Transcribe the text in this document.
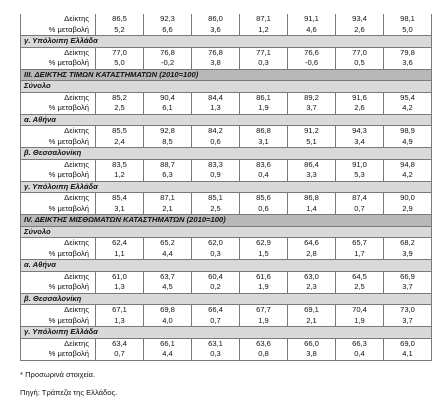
Δείκτης	86,5	92,3	86,0	87,1	91,1	93,4	98,1
% μεταβολή	5,2	6,6	3,6	1,2	4,6	2,6	5,0
γ. Υπόλοιπη Ελλάδα							
Δείκτης	77,0	76,8	76,8	77,1	76,6	77,0	79,8
% μεταβολή	5,0	-0,2	3,8	0,3	-0,6	0,5	3,6
III. ΔΕΙΚΤΗΣ ΤΙΜΩΝ ΚΑΤΑΣΤΗΜΑΤΩΝ (2010=100)							
Σύνολο							
Δείκτης	85,2	90,4	84,4	86,1	89,2	91,6	95,4
% μεταβολή	2,5	6,1	1,3	1,9	3,7	2,6	4,2
α. Αθήνα							
Δείκτης	85,5	92,8	84,2	86,8	91,2	94,3	98,9
% μεταβολή	2,4	8,5	0,6	3,1	5,1	3,4	4,9
β. Θεσσαλονίκη							
Δείκτης	83,5	88,7	83,3	83,6	86,4	91,0	94,8
% μεταβολή	1,2	6,3	0,9	0,4	3,3	5,3	4,2
γ. Υπόλοιπη Ελλάδα							
Δείκτης	85,4	87,1	85,1	85,6	86,8	87,4	90,0
% μεταβολή	3,1	2,1	2,5	0,6	1,4	0,7	2,9
IV. ΔΕΙΚΤΗΣ ΜΙΣΘΩΜΑΤΩΝ ΚΑΤΑΣΤΗΜΑΤΩΝ (2010=100)							
Σύνολο							
Δείκτης	62,4	65,2	62,0	62,9	64,6	65,7	68,2
% μεταβολή	1,1	4,4	0,3	1,5	2,8	1,7	3,9
α. Αθήνα							
Δείκτης	61,0	63,7	60,4	61,6	63,0	64,5	66,9
% μεταβολή	1,3	4,5	0,2	1,9	2,3	2,5	3,7
β. Θεσσαλονίκη							
Δείκτης	67,1	69,8	66,4	67,7	69,1	70,4	73,0
% μεταβολή	1,3	4,0	0,7	1,9	2,1	1,9	3,7
γ. Υπόλοιπη Ελλάδα							
Δείκτης	63,4	66,1	63,1	63,6	66,0	66,3	69,0
% μεταβολή	0,7	4,4	0,3	0,8	3,8	0,4	4,1
* Προσωρινά στοιχεία.
Πηγή: Τράπεζα της Ελλάδος.
